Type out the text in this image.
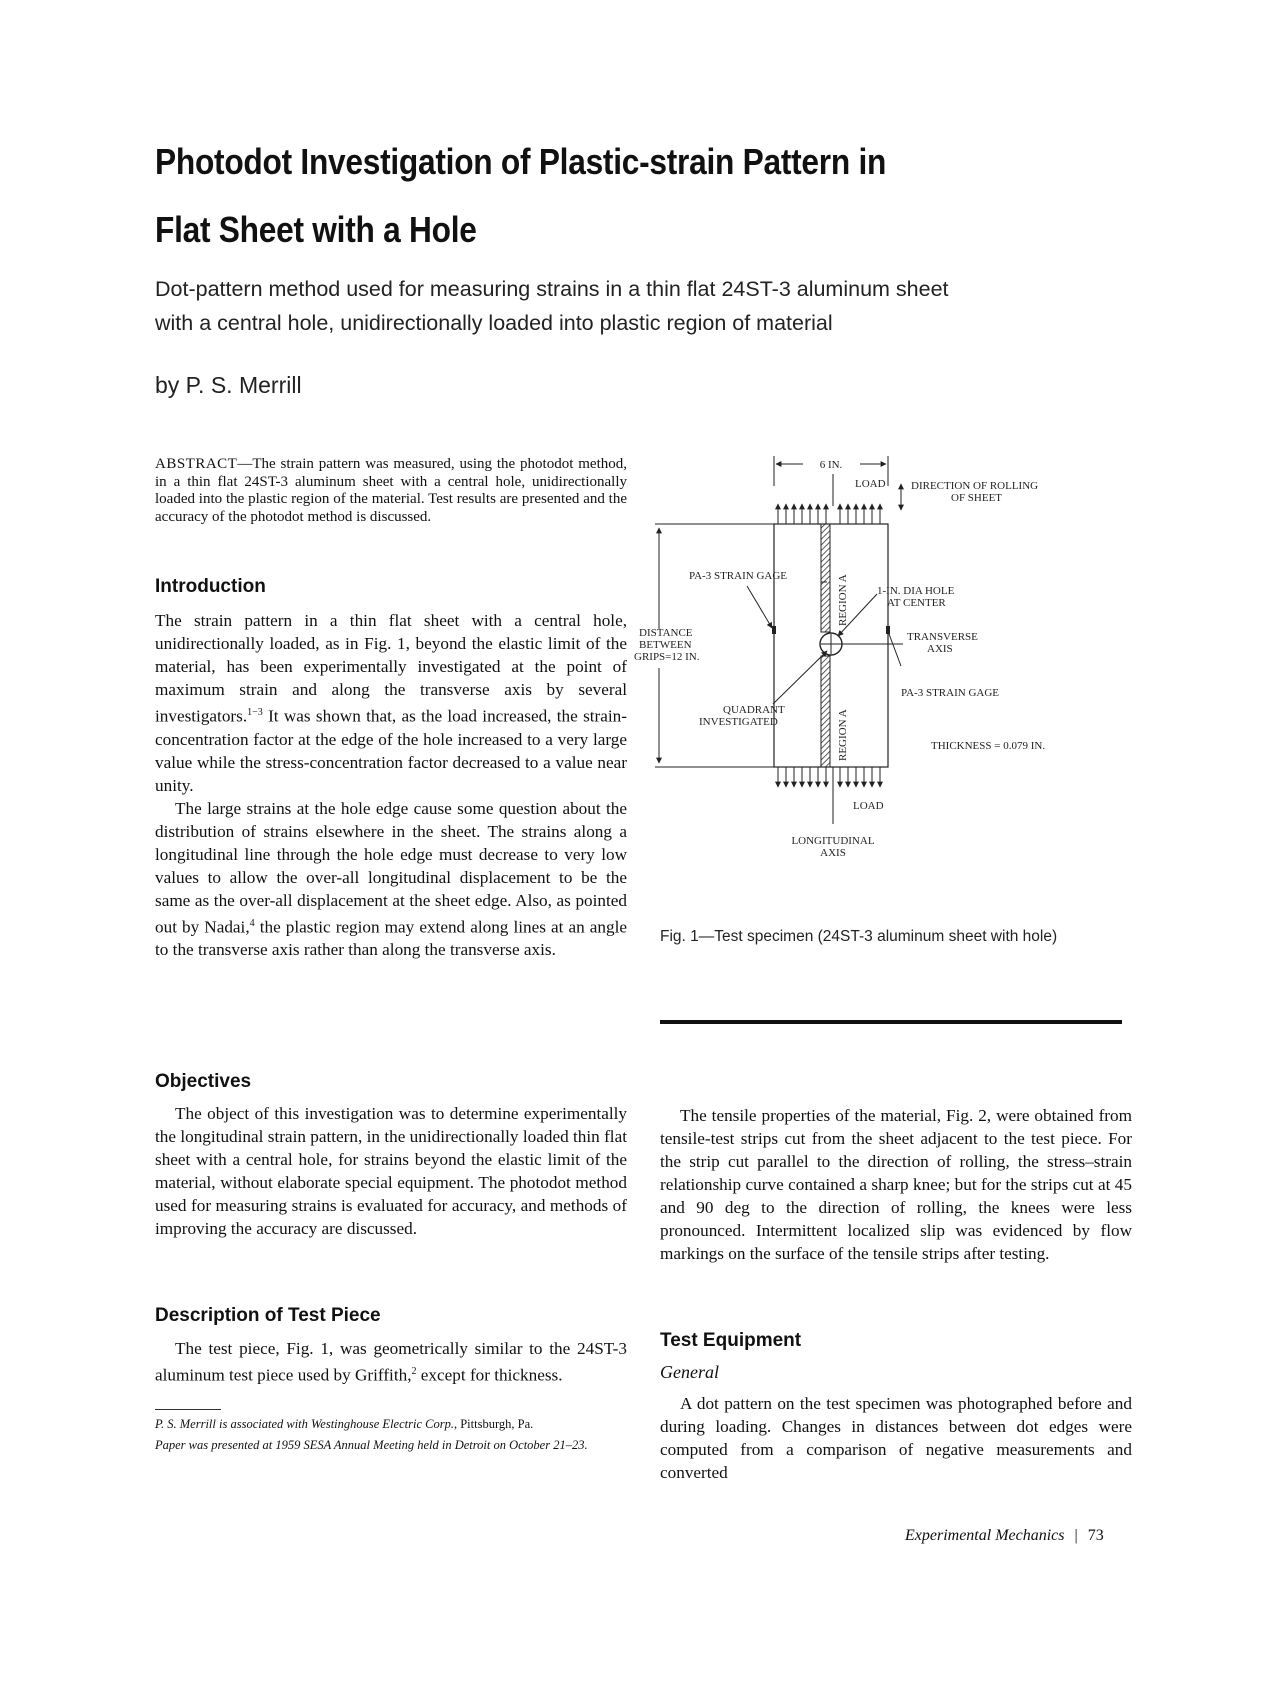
Photodot Investigation of Plastic-strain Pattern in
Flat Sheet with a Hole
Dot-pattern method used for measuring strains in a thin flat 24ST-3 aluminum sheet
with a central hole, unidirectionally loaded into plastic region of material
by P. S. Merrill
ABSTRACT—The strain pattern was measured, using the photodot method, in a thin flat 24ST-3 aluminum sheet with a central hole, unidirectionally loaded into the plastic region of the material. Test results are presented and the accuracy of the photodot method is discussed.
Introduction

The strain pattern in a thin flat sheet with a central hole, unidirectionally loaded, as in Fig. 1, beyond the elastic limit of the material, has been experimentally investigated at the point of maximum strain and along the transverse axis by several investigators.$^{1-3}$ It was shown that, as the load increased, the strain-concentration factor at the edge of the hole increased to a very large value while the stress-concentration factor decreased to a value near unity.

The large strains at the hole edge cause some question about the distribution of strains elsewhere in the sheet. The strains along a longitudinal line through the hole edge must decrease to very low values to allow the over-all longitudinal displacement to be the same as the over-all displacement at the sheet edge. Also, as pointed out by Nadai,$^4$ the plastic region may extend along lines at an angle to the transverse axis rather than along the transverse axis.

Objectives

The object of this investigation was to determine experimentally the longitudinal strain pattern, in the unidirectionally loaded thin flat sheet with a central hole, for strains beyond the elastic limit of the material, without elaborate special equipment. The photodot method used for measuring strains is evaluated for accuracy, and methods of improving the accuracy are discussed.

Description of Test Piece

The test piece, Fig. 1, was geometrically similar to the 24ST-3 aluminum test piece used by Griffith,$^2$ except for thickness.

P. S. Merrill is associated with Westinghouse Electric Corp., Pittsburgh, Pa.

Paper was presented at 1959 SESA Annual Meeting held in Detroit on October 21–23.

6 IN.
LOAD DIRECTION OF ROLLING
OF SHEET
REGION A
REGION A
TRANSVERSE
AXIS
1-IN. DIA HOLE
AT CENTER
PA-3 STRAIN GAGE
PA-3 STRAIN GAGE
DISTANCE
BETWEEN
GRIPS=12 IN.
QUADRANT
INVESTIGATED
THICKNESS = 0.079 IN.
LOAD
LONGITUDINAL
AXIS
Fig. 1—Test specimen (24ST-3 aluminum sheet with hole)

The tensile properties of the material, Fig. 2, were obtained from tensile-test strips cut from the sheet adjacent to the test piece. For the strip cut parallel to the direction of rolling, the stress–strain relationship curve contained a sharp knee; but for the strips cut at 45 and 90 deg to the direction of rolling, the knees were less pronounced. Intermittent localized slip was evidenced by flow markings on the surface of the tensile strips after testing.

Test Equipment
General

A dot pattern on the test specimen was photographed before and during loading. Changes in distances between dot edges were computed from a comparison of negative measurements and converted

Experimental Mechanics | 73
